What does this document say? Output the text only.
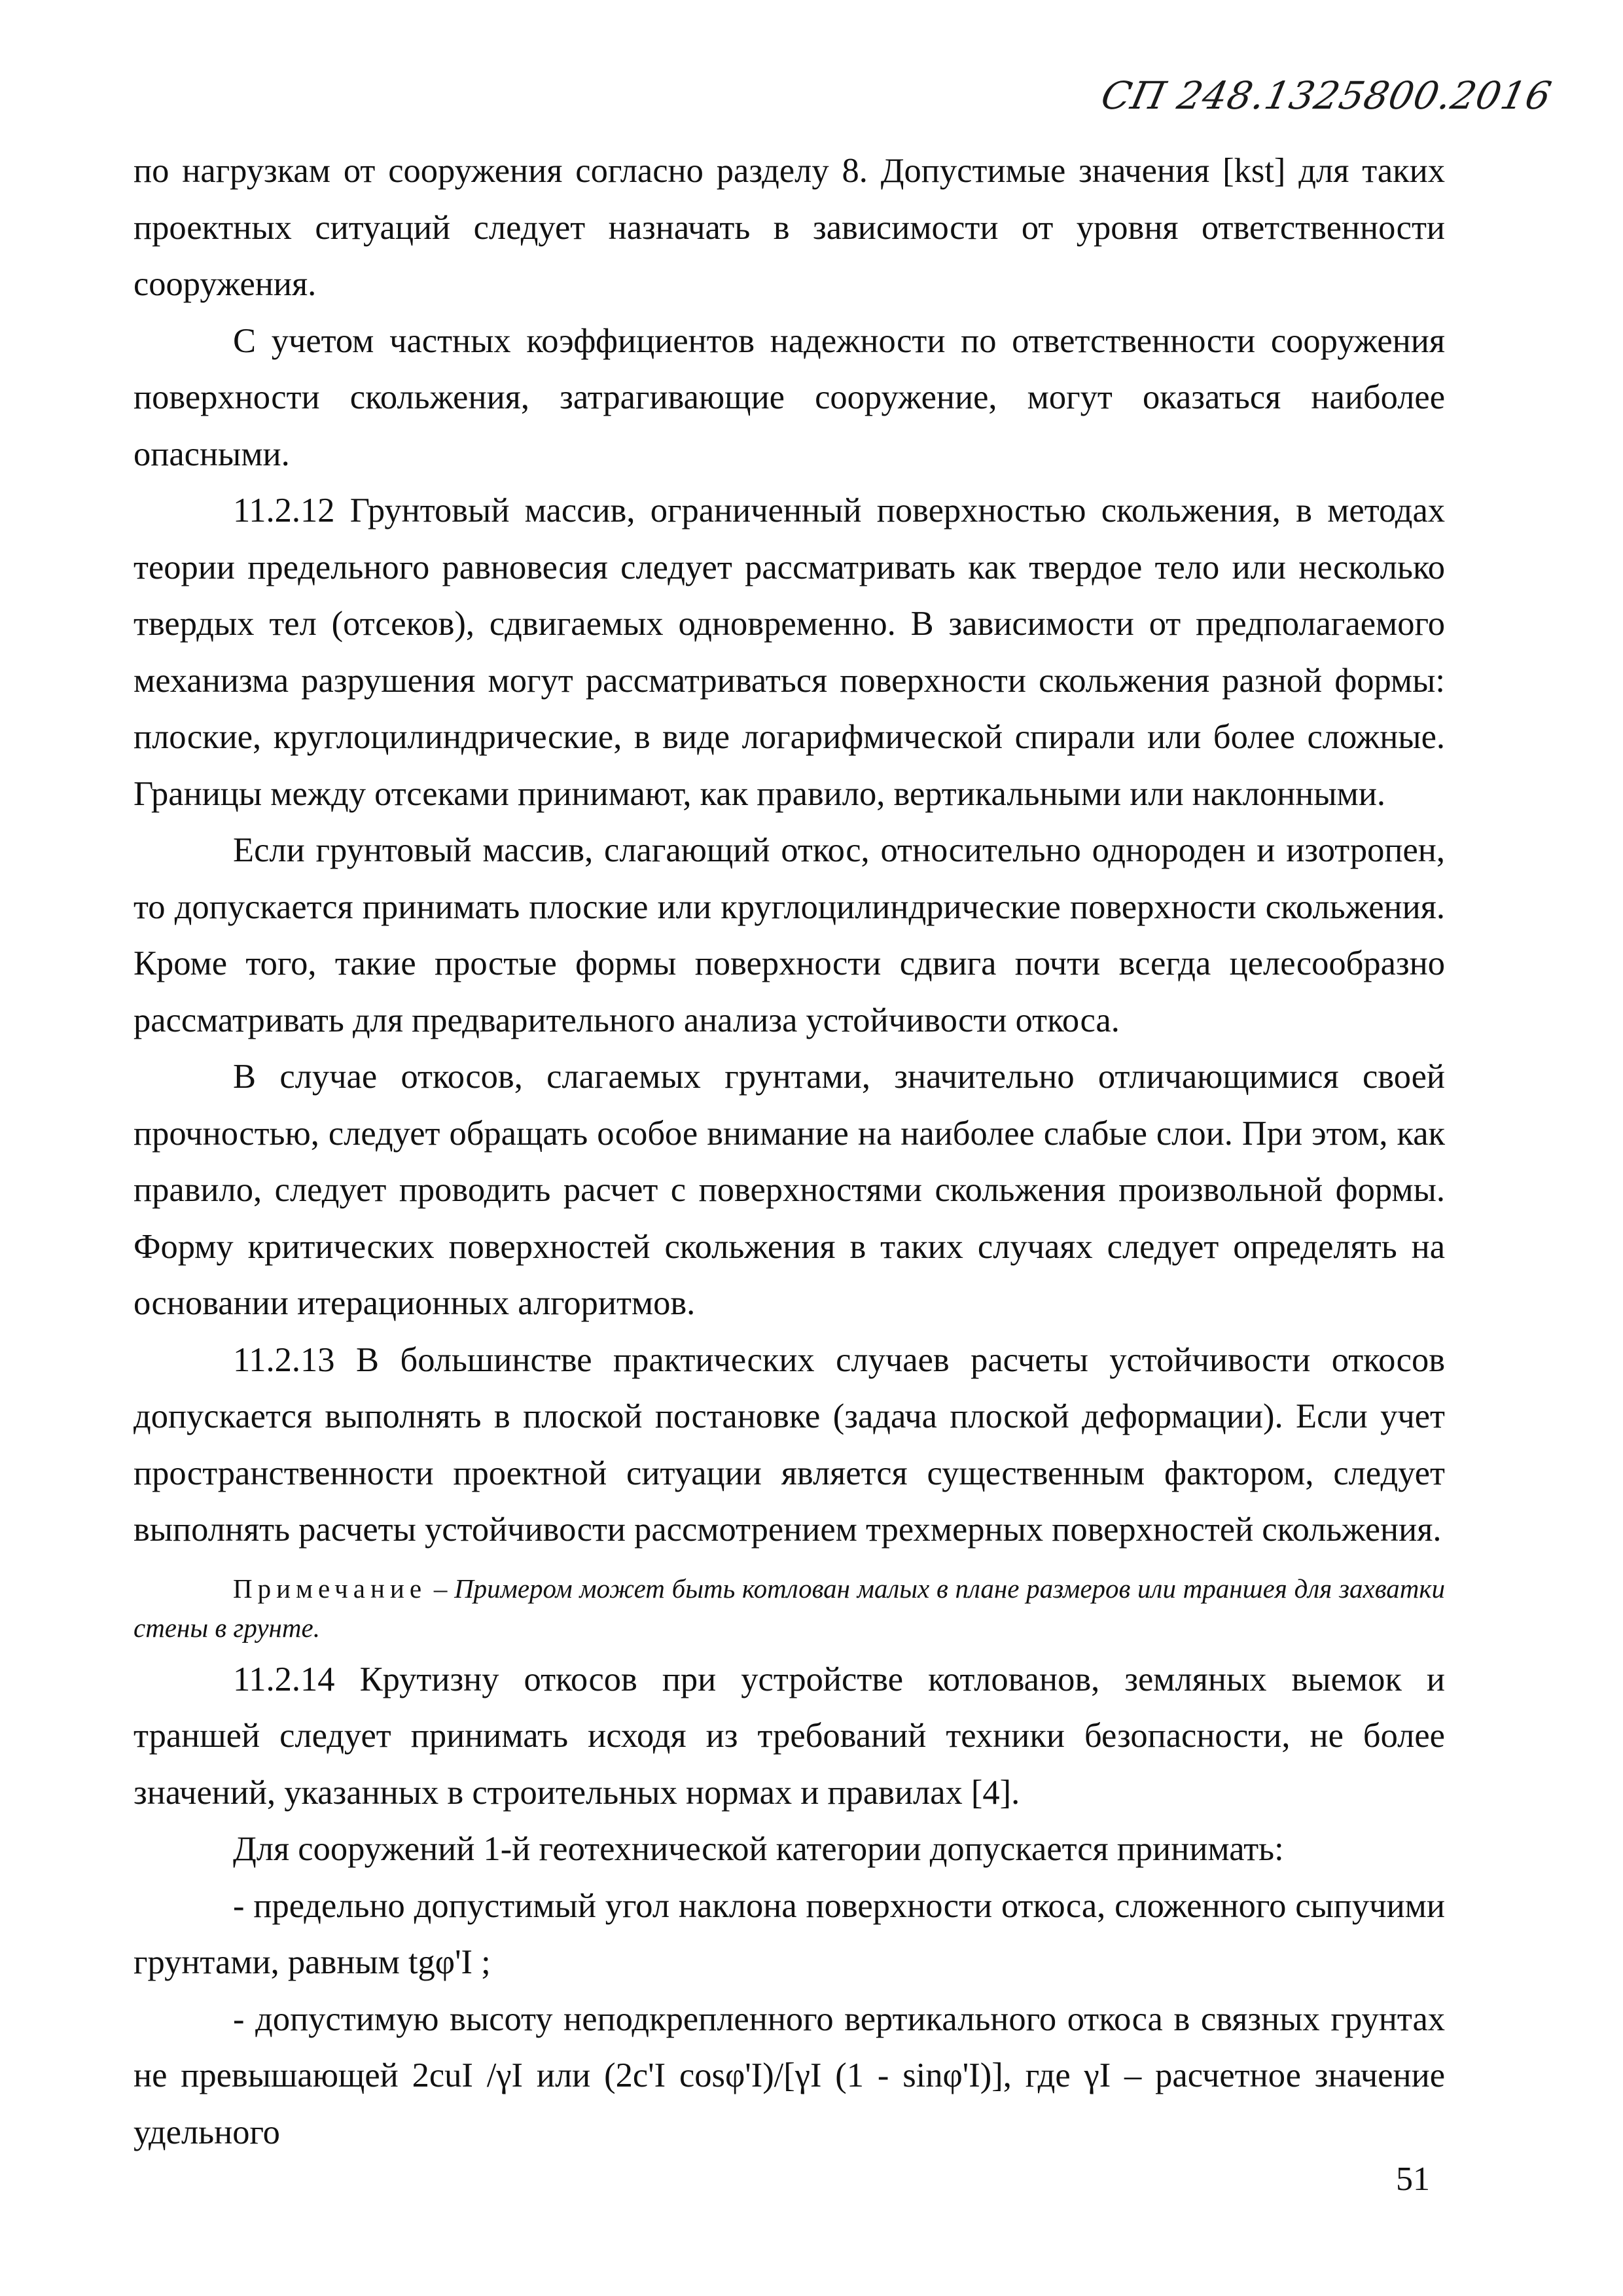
СП 248.1325800.2016

по нагрузкам от сооружения согласно разделу 8. Допустимые значения [kst] для таких проектных ситуаций следует назначать в зависимости от уровня ответственности сооружения.

С учетом частных коэффициентов надежности по ответственности сооружения поверхности скольжения, затрагивающие сооружение, могут оказаться наиболее опасными.

11.2.12 Грунтовый массив, ограниченный поверхностью скольжения, в методах теории предельного равновесия следует рассматривать как твердое тело или несколько твердых тел (отсеков), сдвигаемых одновременно. В зависимости от предполагаемого механизма разрушения могут рассматриваться поверхности скольжения разной формы: плоские, круглоцилиндрические, в виде логарифмической спирали или более сложные. Границы между отсеками принимают, как правило, вертикальными или наклонными.

Если грунтовый массив, слагающий откос, относительно однороден и изотропен, то допускается принимать плоские или круглоцилиндрические поверхности скольжения. Кроме того, такие простые формы поверхности сдвига почти всегда целесообразно рассматривать для предварительного анализа устойчивости откоса.

В случае откосов, слагаемых грунтами, значительно отличающимися своей прочностью, следует обращать особое внимание на наиболее слабые слои. При этом, как правило, следует проводить расчет с поверхностями скольжения произвольной формы. Форму критических поверхностей скольжения в таких случаях следует определять на основании итерационных алгоритмов.

11.2.13 В большинстве практических случаев расчеты устойчивости откосов допускается выполнять в плоской постановке (задача плоской деформации). Если учет пространственности проектной ситуации является существенным фактором, следует выполнять расчеты устойчивости рассмотрением трехмерных поверхностей скольжения.

Примечание – Примером может быть котлован малых в плане размеров или траншея для захватки стены в грунте.

11.2.14 Крутизну откосов при устройстве котлованов, земляных выемок и траншей следует принимать исходя из требований техники безопасности, не более значений, указанных в строительных нормах и правилах [4].

Для сооружений 1-й геотехнической категории допускается принимать:

- предельно допустимый угол наклона поверхности откоса, сложенного сыпучими грунтами, равным tgφ'I ;

- допустимую высоту неподкрепленного вертикального откоса в связных грунтах не превышающей 2cuI /γI или (2c'I cosφ'I)/[γI (1 - sinφ'I)], где γI – расчетное значение удельного

51
